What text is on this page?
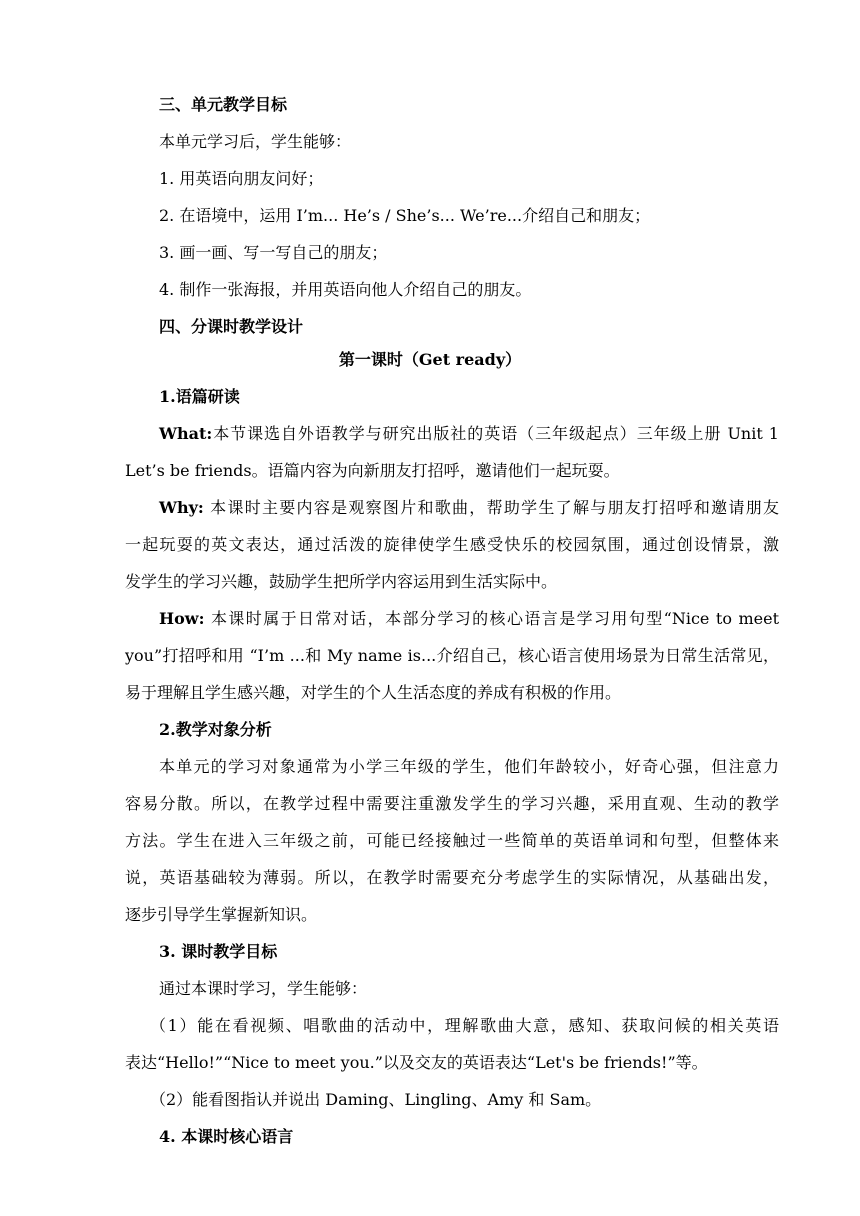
三、单元教学目标
本单元学习后，学生能够：
1. 用英语向朋友问好；
2. 在语境中，运用 I’m... He’s / She’s... We’re...介绍自己和朋友；
3. 画一画、写一写自己的朋友；
4. 制作一张海报，并用英语向他人介绍自己的朋友。
四、分课时教学设计
第一课时（Get ready）
1.语篇研读
What:本节课选自外语教学与研究出版社的英语（三年级起点）三年级上册 Unit 1
Let’s be friends。语篇内容为向新朋友打招呼，邀请他们一起玩耍。
Why: 本课时主要内容是观察图片和歌曲，帮助学生了解与朋友打招呼和邀请朋友
一起玩耍的英文表达，通过活泼的旋律使学生感受快乐的校园氛围，通过创设情景，激
发学生的学习兴趣，鼓励学生把所学内容运用到生活实际中。
How: 本课时属于日常对话，本部分学习的核心语言是学习用句型“Nice to meet
you”打招呼和用 “I’m ...和 My name is...介绍自己，核心语言使用场景为日常生活常见，
易于理解且学生感兴趣，对学生的个人生活态度的养成有积极的作用。
2.教学对象分析
本单元的学习对象通常为小学三年级的学生，他们年龄较小，好奇心强，但注意力
容易分散。所以，在教学过程中需要注重激发学生的学习兴趣，采用直观、生动的教学
方法。学生在进入三年级之前，可能已经接触过一些简单的英语单词和句型，但整体来
说，英语基础较为薄弱。所以，在教学时需要充分考虑学生的实际情况，从基础出发，
逐步引导学生掌握新知识。
3. 课时教学目标
通过本课时学习，学生能够：
（1）能在看视频、唱歌曲的活动中，理解歌曲大意，感知、获取问候的相关英语
表达“Hello!”“Nice to meet you.”以及交友的英语表达“Let's be friends!”等。
（2）能看图指认并说出 Daming、Lingling、Amy 和 Sam。
4. 本课时核心语言
